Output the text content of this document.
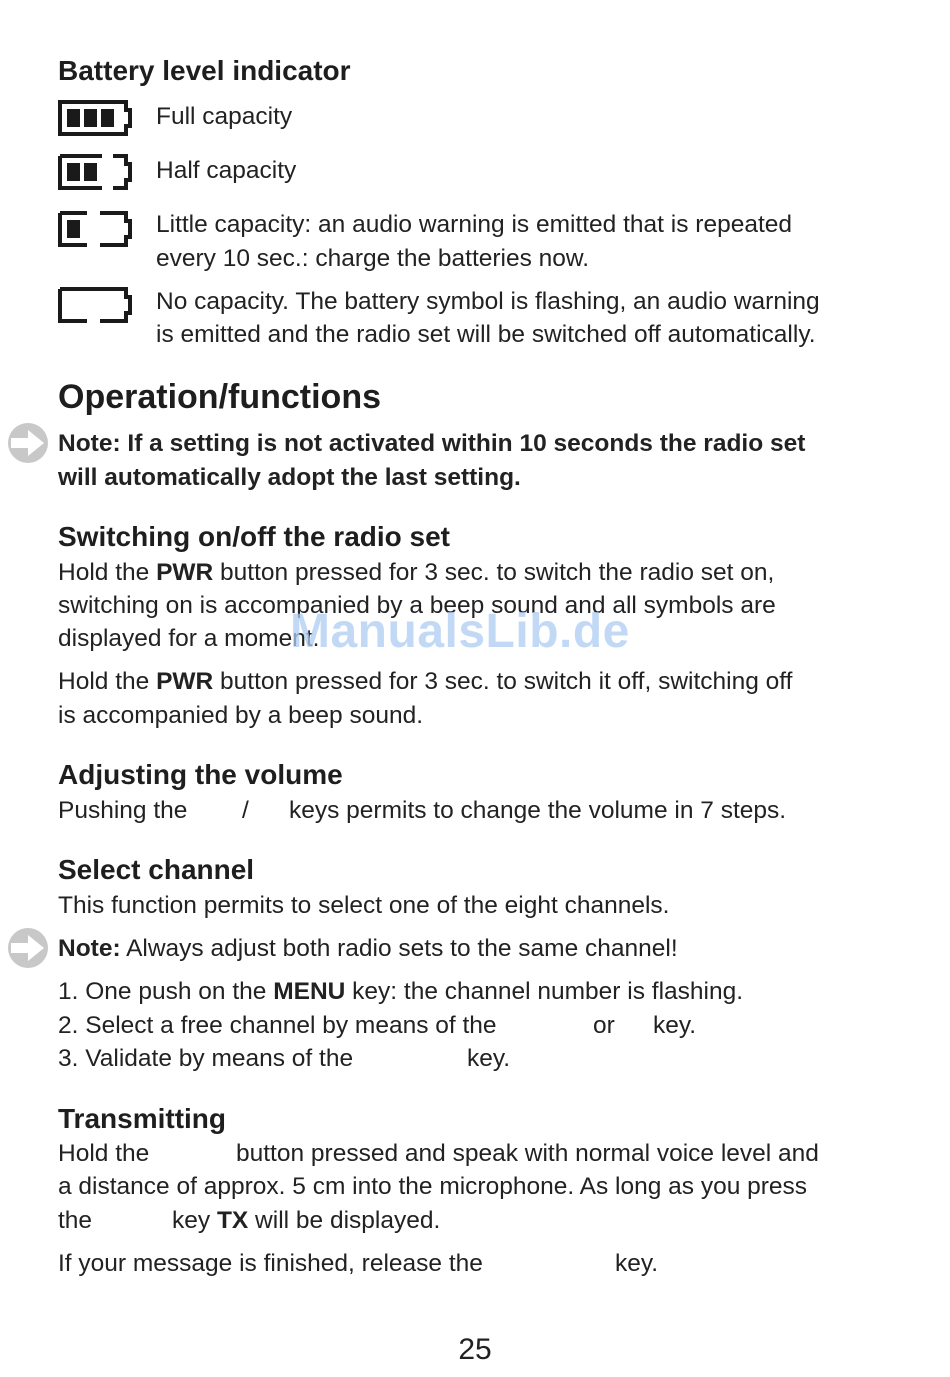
Battery level indicator
Full capacity
Half capacity
Little capacity: an audio warning is emitted that is repeated
every 10 sec.: charge the batteries now.
No capacity. The battery symbol is flashing, an audio warning
is emitted and the radio set will be switched off automatically.
Operation/functions
Note: If a setting is not activated within 10 seconds the radio set
will automatically adopt the last setting.
Switching on/off the radio set
Hold the PWR button pressed for 3 sec. to switch the radio set on,
switching on is accompanied by a beep sound and all symbols are
displayed for a moment.
Hold the PWR button pressed for 3 sec. to switch it off, switching off
is accompanied by a beep sound.
ManualsLib.de
Adjusting the volume
Pushing the / keys permits to change the volume in 7 steps.
Select channel
This function permits to select one of the eight channels.
Note: Always adjust both radio sets to the same channel!
1. One push on the MENU key: the channel number is flashing.
2. Select a free channel by means of the	or key.
3. Validate by means of the	key.
Transmitting
Hold the	button pressed and speak with normal voice level and
a distance of approx. 5 cm into the microphone. As long as you press
the	key TX will be displayed.
If your message is finished, release the	key.
25
